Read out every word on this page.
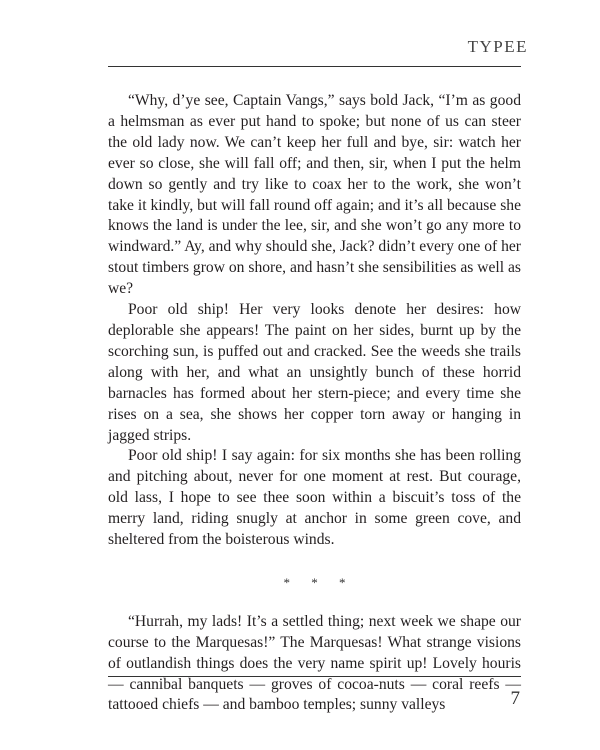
TYPEE

“Why, d’ye see, Captain Vangs,” says bold Jack, “I’m as good a helmsman as ever put hand to spoke; but none of us can steer the old lady now. We can’t keep her full and bye, sir: watch her ever so close, she will fall off; and then, sir, when I put the helm down so gently and try like to coax her to the work, she won’t take it kindly, but will fall round off again; and it’s all because she knows the land is under the lee, sir, and she won’t go any more to windward.” Ay, and why should she, Jack? didn’t every one of her stout timbers grow on shore, and hasn’t she sensibilities as well as we?

Poor old ship! Her very looks denote her desires: how deplorable she appears! The paint on her sides, burnt up by the scorching sun, is puffed out and cracked. See the weeds she trails along with her, and what an unsightly bunch of these horrid barnacles has formed about her stern-piece; and every time she rises on a sea, she shows her copper torn away or hanging in jagged strips.

Poor old ship! I say again: for six months she has been rolling and pitching about, never for one moment at rest. But courage, old lass, I hope to see thee soon within a biscuit’s toss of the merry land, riding snugly at anchor in some green cove, and sheltered from the boisterous winds.

* * *

“Hurrah, my lads! It’s a settled thing; next week we shape our course to the Marquesas!” The Marquesas! What strange visions of outlandish things does the very name spirit up! Lovely houris — cannibal banquets — groves of cocoa-nuts — coral reefs — tattooed chiefs — and bamboo temples; sunny valleys	7
